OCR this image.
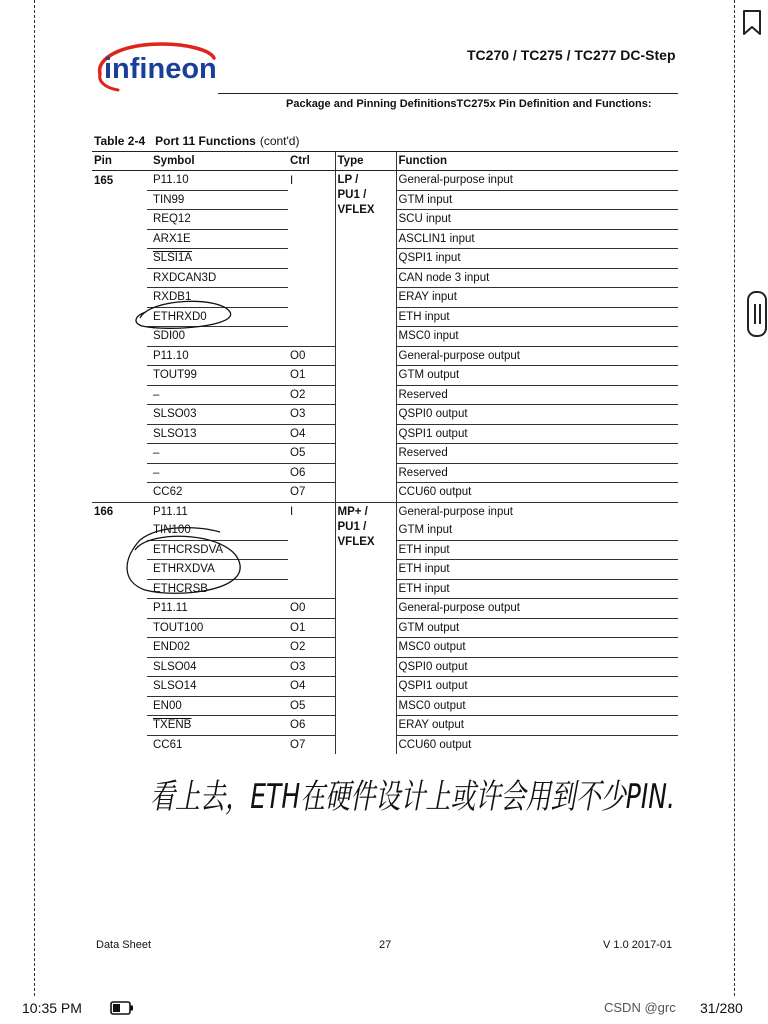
infineon	TC270 / TC275 / TC277 DC-Step
Package and Pinning DefinitionsTC275x Pin Definition and Functions:
Table 2-4 Port 11 Functions (cont'd)
Pin	Symbol	Ctrl	Type	Function
165	P11.10	I	LP /
PU1 /
VFLEX	General-purpose input
	TIN99			GTM input
	REQ12			SCU input
	ARX1E			ASCLIN1 input
	SLSI1A			QSPI1 input
	RXDCAN3D			CAN node 3 input
	RXDB1			ERAY input
	ETHRXD0			ETH input
	SDI00			MSC0 input
	P11.10	O0		General-purpose output
	TOUT99	O1		GTM output
	–	O2		Reserved
	SLSO03	O3		QSPI0 output
	SLSO13	O4		QSPI1 output
	–	O5		Reserved
	–	O6		Reserved
	CC62	O7		CCU60 output
166	P11.11	I	MP+ /
PU1 /
VFLEX	General-purpose input
	TIN100			GTM input
	ETHCRSDVA			ETH input
	ETHRXDVA			ETH input
	ETHCRSB			ETH input
	P11.11	O0		General-purpose output
	TOUT100	O1		GTM output
	END02	O2		MSC0 output
	SLSO04	O3		QSPI0 output
	SLSO14	O4		QSPI1 output
	EN00	O5		MSC0 output
	TXENB	O6		ERAY output
	CC61	O7		CCU60 output
看上去，ETH在硬件设计上或许会用到不少PIN.
Data Sheet	27	V 1.0 2017-01
10:35 PM	CSDN @grc 31/280
